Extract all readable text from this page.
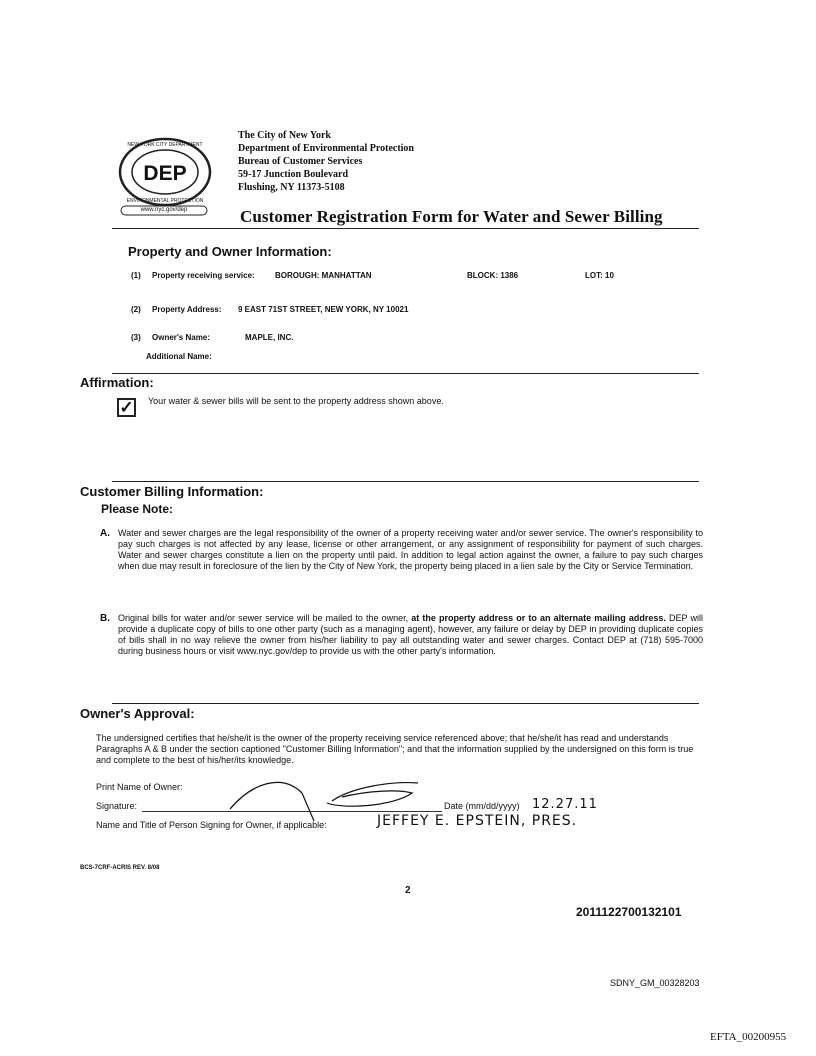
DEP
NEW YORK CITY DEPARTMENT
ENVIRONMENTAL PROTECTION
www.nyc.gov/dep
The City of New York
Department of Environmental Protection
Bureau of Customer Services
59-17 Junction Boulevard
Flushing, NY 11373-5108
Customer Registration Form for Water and Sewer Billing
Property and Owner Information:
(1) Property receiving service:	BOROUGH: MANHATTAN	BLOCK: 1386	LOT: 10
(2) Property Address: 9 EAST 71ST STREET, NEW YORK, NY 10021
(3) Owner's Name:	MAPLE, INC.
Additional Name:
Affirmation:
✓ Your water & sewer bills will be sent to the property address shown above.
Customer Billing Information:
Please Note:
A. Water and sewer charges are the legal responsibility of the owner of a property receiving water and/or sewer service. The owner's responsibility to pay such charges is not affected by any lease, license or other arrangement, or any assignment of responsibility for payment of such charges. Water and sewer charges constitute a lien on the property until paid. In addition to legal action against the owner, a failure to pay such charges when due may result in foreclosure of the lien by the City of New York, the property being placed in a lien sale by the City or Service Termination.
B. Original bills for water and/or sewer service will be mailed to the owner, at the property address or to an alternate mailing address. DEP will provide a duplicate copy of bills to one other party (such as a managing agent), however, any failure or delay by DEP in providing duplicate copies of bills shall in no way relieve the owner from his/her liability to pay all outstanding water and sewer charges. Contact DEP at (718) 595-7000 during business hours or visit www.nyc.gov/dep to provide us with the other party's information.
Owner's Approval:
The undersigned certifies that he/she/it is the owner of the property receiving service referenced above; that he/she/it has read and understands Paragraphs A & B under the section captioned "Customer Billing Information"; and that the information supplied by the undersigned on this form is true and complete to the best of his/her/its knowledge.
Print Name of Owner:
Signature:	Date (mm/dd/yyyy) 12.27.11
Name and Title of Person Signing for Owner, if applicable:	JEFFEY E. EPSTEIN, PRES.
BCS-7CRF-ACRIS REV. 8/08
2
2011122700132101
SDNY_GM_00328203
EFTA_00200955
